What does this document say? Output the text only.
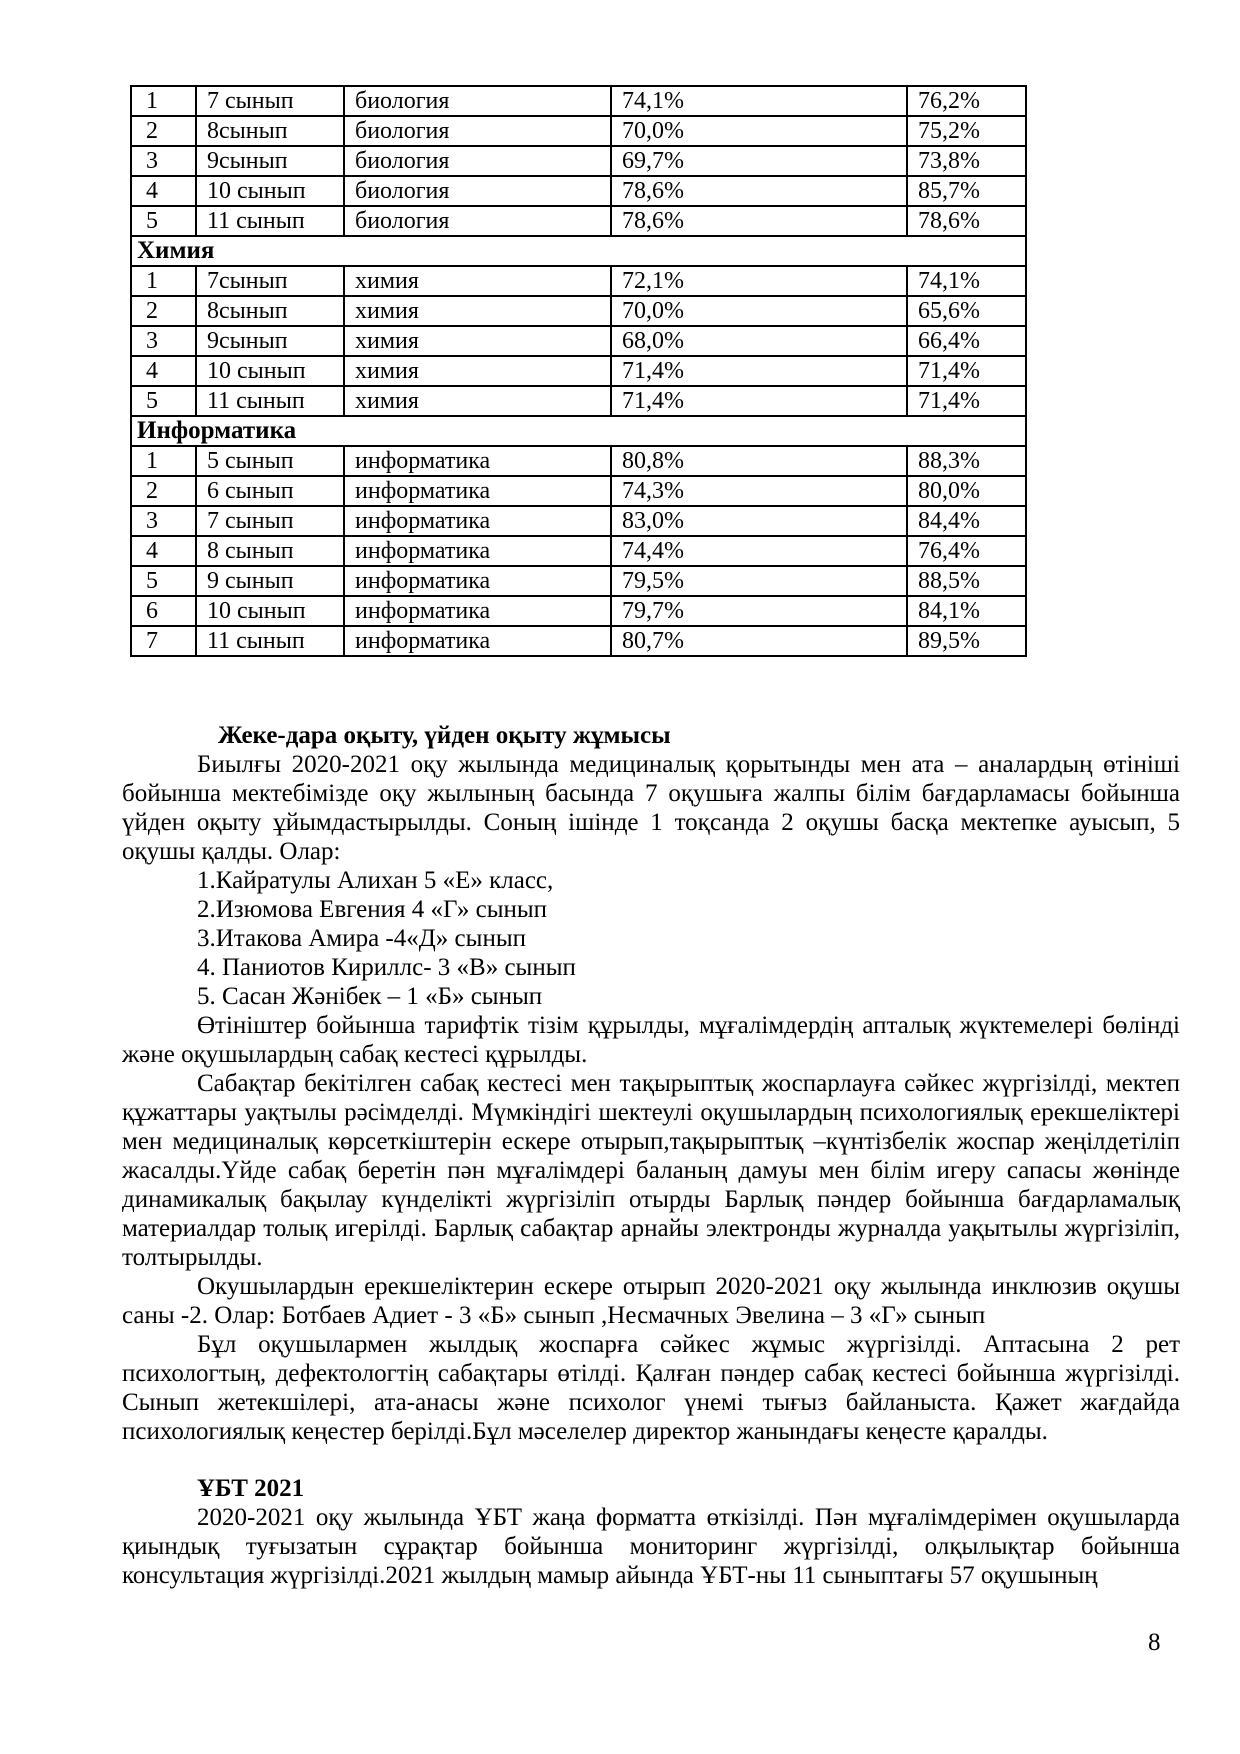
1	7 сынып	биология	74,1%	76,2%
2	8сынып	биология	70,0%	75,2%
3	9сынып	биология	69,7%	73,8%
4	10 сынып	биология	78,6%	85,7%
5	11 сынып	биология	78,6%	78,6%
Химия				
1	7сынып	химия	72,1%	74,1%
2	8сынып	химия	70,0%	65,6%
3	9сынып	химия	68,0%	66,4%
4	10 сынып	химия	71,4%	71,4%
5	11 сынып	химия	71,4%	71,4%
Информатика				
1	5 сынып	информатика	80,8%	88,3%
2	6 сынып	информатика	74,3%	80,0%
3	7 сынып	информатика	83,0%	84,4%
4	8 сынып	информатика	74,4%	76,4%
5	9 сынып	информатика	79,5%	88,5%
6	10 сынып	информатика	79,7%	84,1%
7	11 сынып	информатика	80,7%	89,5%
Жеке-дара оқыту, үйден оқыту жұмысы

Биылғы 2020-2021 оқу жылында медициналық қорытынды мен ата – аналардың өтініші бойынша мектебімізде оқу жылының басында 7 оқушыға жалпы білім бағдарламасы бойынша үйден оқыту ұйымдастырылды. Соның ішінде 1 тоқсанда 2 оқушы басқа мектепке ауысып, 5 оқушы қалды. Олар:

1.Кайратулы Алихан 5 «Е» класс,
2.Изюмова Евгения 4 «Г» сынып
3.Итакова Амира -4«Д» сынып
4. Паниотов Кириллс- 3 «В» сынып
5. Сасан Жәнібек – 1 «Б» сынып

Өтініштер бойынша тарифтік тізім құрылды, мұғалімдердің апталық жүктемелері бөлінді және оқушылардың сабақ кестесі құрылды.

Сабақтар бекітілген сабақ кестесі мен тақырыптық жоспарлауға сәйкес жүргізілді, мектеп құжаттары уақтылы рәсімделді. Мүмкіндігі шектеулі оқушылардың психологиялық ерекшеліктері мен медициналық көрсеткіштерін ескере отырып,тақырыптық –күнтізбелік жоспар жеңілдетіліп жасалды.Үйде сабақ беретін пән мұғалімдері баланың дамуы мен білім игеру сапасы жөнінде динамикалық бақылау күнделікті жүргізіліп отырды Барлық пәндер бойынша бағдарламалық материалдар толық игерілді. Барлық сабақтар арнайы электронды журналда уақытылы жүргізіліп, толтырылды.

Окушылардын ерекшеліктерин ескере отырып 2020-2021 оқу жылында инклюзив оқушы саны -2. Олар: Ботбаев Адиет - 3 «Б» сынып ,Несмачных Эвелина – 3 «Г» сынып

Бұл оқушылармен жылдық жоспарға сәйкес жұмыс жүргізілді. Аптасына 2 рет психологтың, дефектологтің сабақтары өтілді. Қалған пәндер сабақ кестесі бойынша жүргізілді. Сынып жетекшілері, ата-анасы және психолог үнемі тығыз байланыста. Қажет жағдайда психологиялық кеңестер берілді.Бұл мәселелер директор жанындағы кеңесте қаралды.

ҰБТ 2021

2020-2021 оқу жылында ҰБТ жаңа форматта өткізілді. Пән мұғалімдерімен оқушыларда қиындық туғызатын сұрақтар бойынша мониторинг жүргізілді, олқылықтар бойынша консультация жүргізілді.2021 жылдың мамыр айында ҰБТ-ны 11 сыныптағы 57 оқушының

8
